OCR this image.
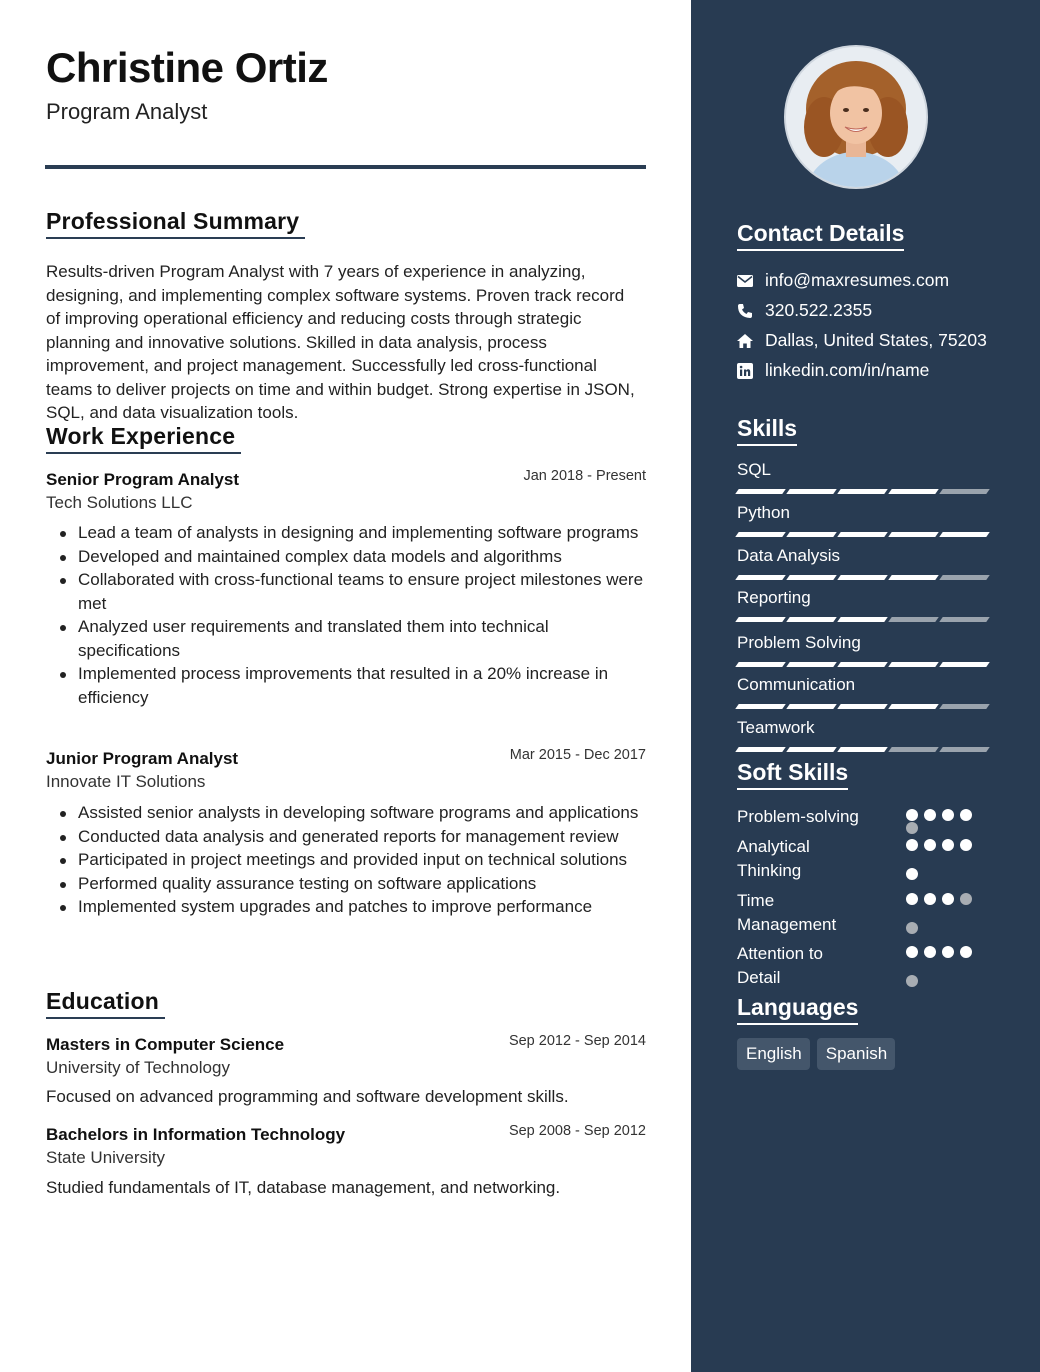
Christine Ortiz
Program Analyst
Professional Summary

Results-driven Program Analyst with 7 years of experience in analyzing, designing, and implementing complex software systems. Proven track record of improving operational efficiency and reducing costs through strategic planning and innovative solutions. Skilled in data analysis, process improvement, and project management. Successfully led cross-functional teams to deliver projects on time and within budget. Strong expertise in JSON, SQL, and data visualization tools.

Work Experience
Senior Program Analyst	Jan 2018 - Present
Tech Solutions LLC
Lead a team of analysts in designing and implementing software programs
Developed and maintained complex data models and algorithms
Collaborated with cross-functional teams to ensure project milestones were met
Analyzed user requirements and translated them into technical specifications
Implemented process improvements that resulted in a 20% increase in efficiency
Junior Program Analyst	Mar 2015 - Dec 2017
Innovate IT Solutions
Assisted senior analysts in developing software programs and applications
Conducted data analysis and generated reports for management review
Participated in project meetings and provided input on technical solutions
Performed quality assurance testing on software applications
Implemented system upgrades and patches to improve performance
Education
Masters in Computer Science	Sep 2012 - Sep 2014
University of Technology

Focused on advanced programming and software development skills.

Bachelors in Information Technology	Sep 2008 - Sep 2012
State University

Studied fundamentals of IT, database management, and networking.

Contact Details
info@maxresumes.com
320.522.2355
Dallas, United States, 75203
linkedin.com/in/name
Skills
SQL
Python
Data Analysis
Reporting
Problem Solving
Communication
Teamwork
Soft Skills
Problem-solving
Analytical Thinking
Time Management
Attention to Detail
Languages
English	Spanish
